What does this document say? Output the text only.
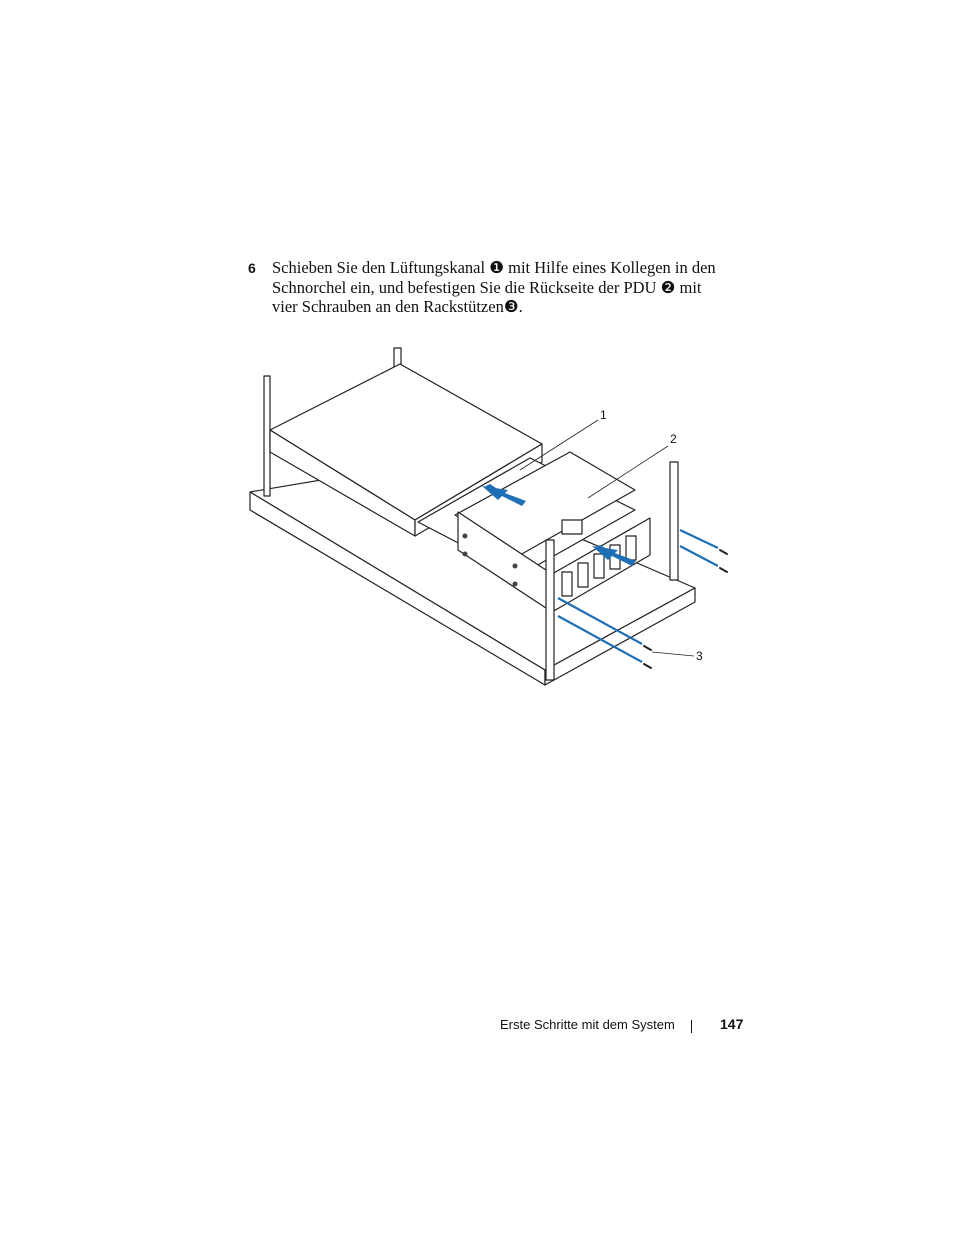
6 Schieben Sie den Lüftungskanal ❶ mit Hilfe eines Kollegen in den Schnorchel ein, und befestigen Sie die Rückseite der PDU ❷ mit vier Schrauben an den Rackstützen❸.
1
2
3
Erste Schritte mit dem System	147
